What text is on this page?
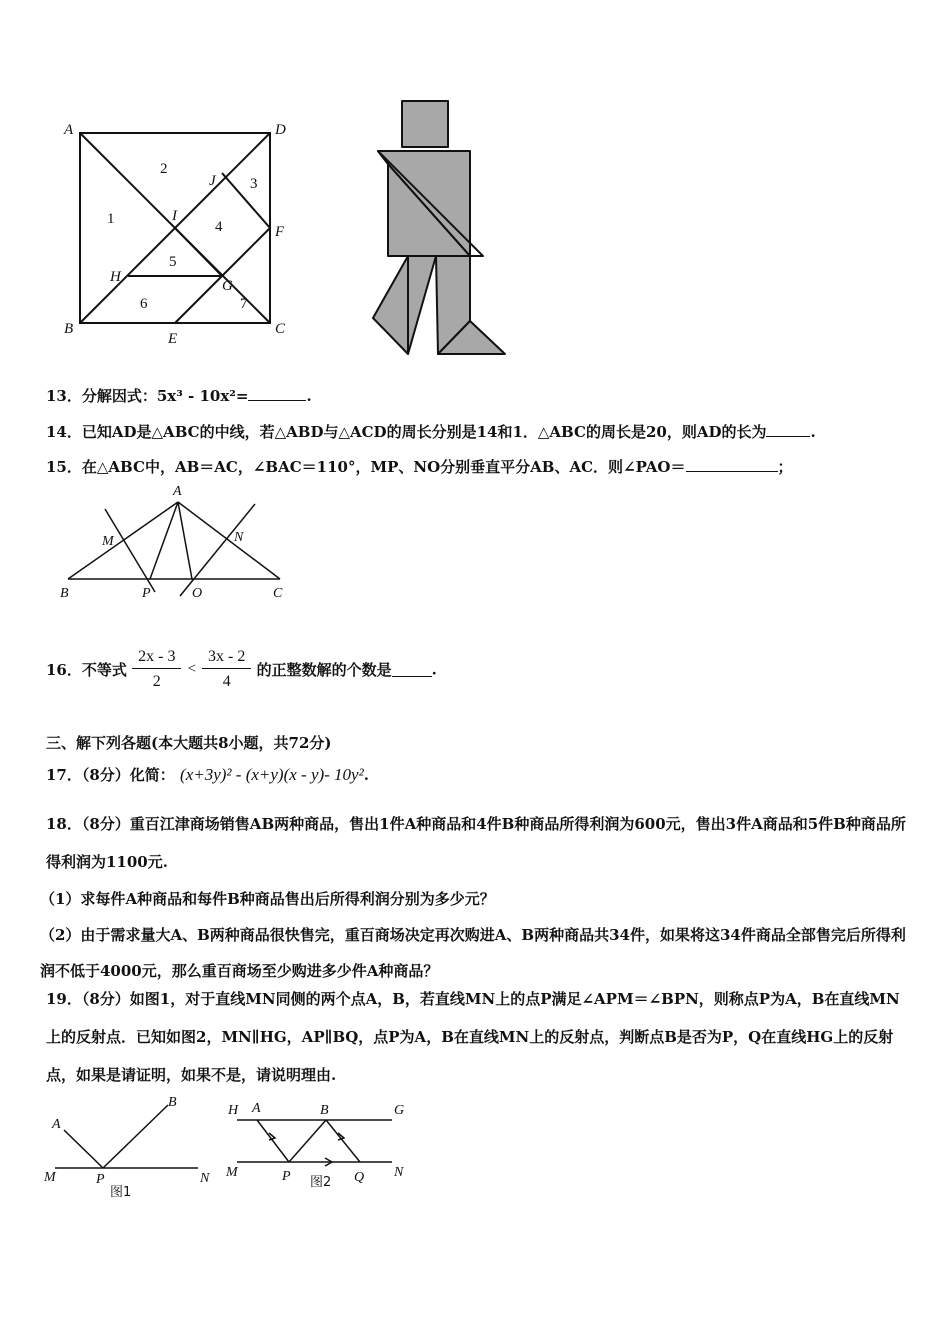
A	D
B	C
J
I
H
G
F
E
1
2
3
4
5
6	7
13．分解因式：5x³ - 10x²=	.
14．已知AD是△ABC的中线，若△ABD与△ACD的周长分别是14和1．△ABC的周长是20，则AD的长为	.
15．在△ABC中，AB＝AC，∠BAC＝110°，MP、NO分别垂直平分AB、AC．则∠PAO＝	；
A
M	N
B	P	O	C
16．不等式 $\frac{2x - 3}{2} < \frac{3x - 2}{4}$ 的正整数解的个数是	.
三、解下列各题(本大题共8小题，共72分)
17．（8分）化简： (x+3y)² - (x+y)(x - y)- 10y².
18．（8分）重百江津商场销售AB两种商品，售出1件A种商品和4件B种商品所得利润为600元，售出3件A商品和5件B种商品所得利润为1100元.
（1）求每件A种商品和每件B种商品售出后所得利润分别为多少元？
（2）由于需求量大A、B两种商品很快售完，重百商场决定再次购进A、B两种商品共34件，如果将这34件商品全部售完后所得利润不低于4000元，那么重百商场至少购进多少件A种商品？
19．（8分）如图1，对于直线MN同侧的两个点A，B，若直线MN上的点P满足∠APM＝∠BPN，则称点P为A，B在直线MN上的反射点．已知如图2，MN∥HG，AP∥BQ，点P为A，B在直线MN上的反射点，判断点B是否为P，Q在直线HG上的反射点，如果是请证明，如果不是，请说明理由.
A
B
M	P	N
图1
H A	B	G
M	P	Q N
图2
